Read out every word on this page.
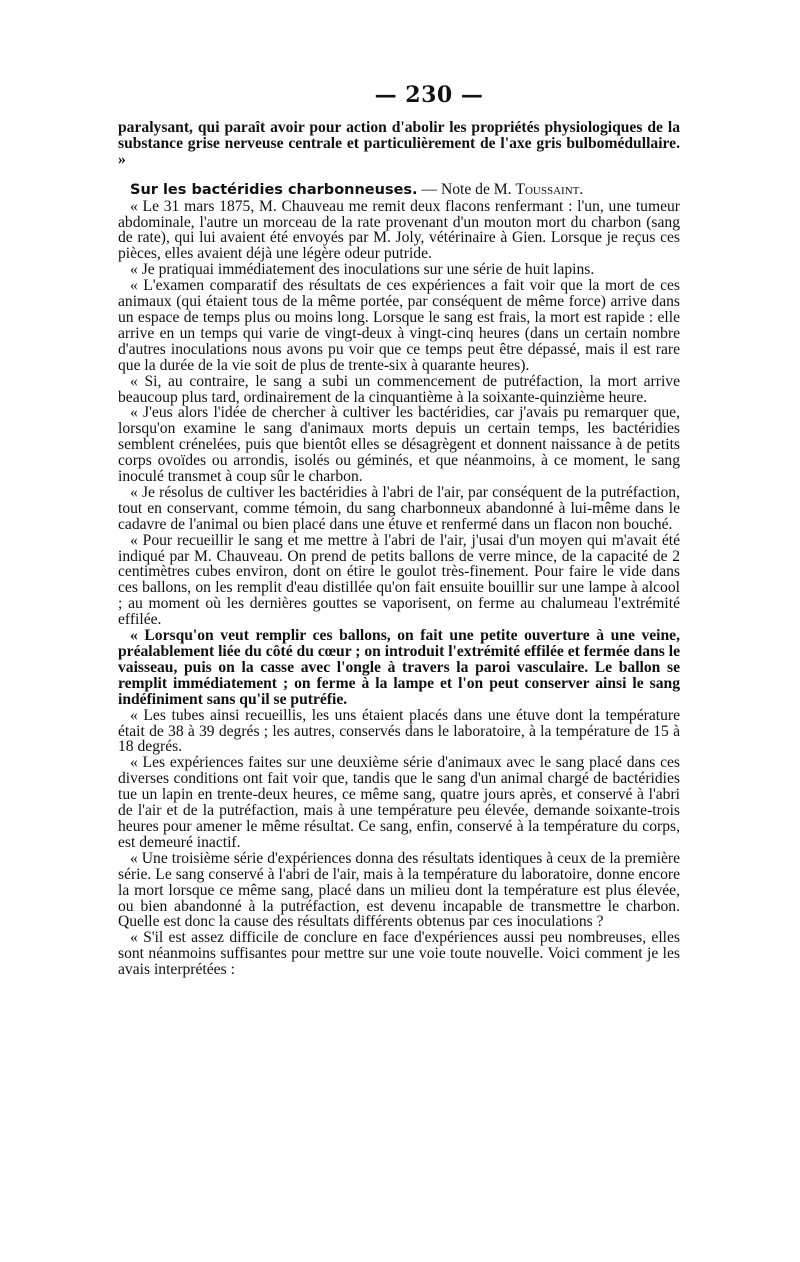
— 230 —

paralysant, qui paraît avoir pour action d'abolir les propriétés physiologiques de la substance grise nerveuse centrale et particulièrement de l'axe gris bulbomédullaire. »

Sur les bactéridies charbonneuses. — Note de M. Toussaint.

« Le 31 mars 1875, M. Chauveau me remit deux flacons renfermant : l'un, une tumeur abdominale, l'autre un morceau de la rate provenant d'un mouton mort du charbon (sang de rate), qui lui avaient été envoyés par M. Joly, vétérinaire à Gien. Lorsque je reçus ces pièces, elles avaient déjà une légère odeur putride.

« Je pratiquai immédiatement des inoculations sur une série de huit lapins.

« L'examen comparatif des résultats de ces expériences a fait voir que la mort de ces animaux (qui étaient tous de la même portée, par conséquent de même force) arrive dans un espace de temps plus ou moins long. Lorsque le sang est frais, la mort est rapide : elle arrive en un temps qui varie de vingt-deux à vingt-cinq heures (dans un certain nombre d'autres inoculations nous avons pu voir que ce temps peut être dépassé, mais il est rare que la durée de la vie soit de plus de trente-six à quarante heures).

« Si, au contraire, le sang a subi un commencement de putréfaction, la mort arrive beaucoup plus tard, ordinairement de la cinquantième à la soixante-quinzième heure.

« J'eus alors l'idée de chercher à cultiver les bactéridies, car j'avais pu remarquer que, lorsqu'on examine le sang d'animaux morts depuis un certain temps, les bactéridies semblent crénelées, puis que bientôt elles se désagrègent et donnent naissance à de petits corps ovoïdes ou arrondis, isolés ou géminés, et que néanmoins, à ce moment, le sang inoculé transmet à coup sûr le charbon.

« Je résolus de cultiver les bactéridies à l'abri de l'air, par conséquent de la putréfaction, tout en conservant, comme témoin, du sang charbonneux abandonné à lui-même dans le cadavre de l'animal ou bien placé dans une étuve et renfermé dans un flacon non bouché.

« Pour recueillir le sang et me mettre à l'abri de l'air, j'usai d'un moyen qui m'avait été indiqué par M. Chauveau. On prend de petits ballons de verre mince, de la capacité de 2 centimètres cubes environ, dont on étire le goulot très-finement. Pour faire le vide dans ces ballons, on les remplit d'eau distillée qu'on fait ensuite bouillir sur une lampe à alcool ; au moment où les dernières gouttes se vaporisent, on ferme au chalumeau l'extrémité effilée.

« Lorsqu'on veut remplir ces ballons, on fait une petite ouverture à une veine, préalablement liée du côté du cœur ; on introduit l'extrémité effilée et fermée dans le vaisseau, puis on la casse avec l'ongle à travers la paroi vasculaire. Le ballon se remplit immédiatement ; on ferme à la lampe et l'on peut conserver ainsi le sang indéfiniment sans qu'il se putréfie.

« Les tubes ainsi recueillis, les uns étaient placés dans une étuve dont la température était de 38 à 39 degrés ; les autres, conservés dans le laboratoire, à la température de 15 à 18 degrés.

« Les expériences faites sur une deuxième série d'animaux avec le sang placé dans ces diverses conditions ont fait voir que, tandis que le sang d'un animal chargé de bactéridies tue un lapin en trente-deux heures, ce même sang, quatre jours après, et conservé à l'abri de l'air et de la putréfaction, mais à une température peu élevée, demande soixante-trois heures pour amener le même résultat. Ce sang, enfin, conservé à la température du corps, est demeuré inactif.

« Une troisième série d'expériences donna des résultats identiques à ceux de la première série. Le sang conservé à l'abri de l'air, mais à la température du laboratoire, donne encore la mort lorsque ce même sang, placé dans un milieu dont la température est plus élevée, ou bien abandonné à la putréfaction, est devenu incapable de transmettre le charbon. Quelle est donc la cause des résultats différents obtenus par ces inoculations ?

« S'il est assez difficile de conclure en face d'expériences aussi peu nombreuses, elles sont néanmoins suffisantes pour mettre sur une voie toute nouvelle. Voici comment je les avais interprétées :
